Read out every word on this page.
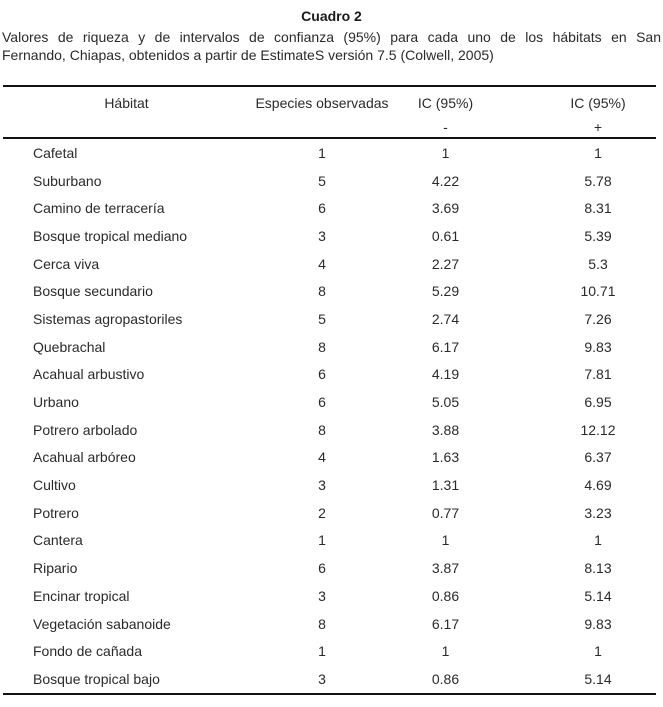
Cuadro 2
Valores de riqueza y de intervalos de confianza (95%) para cada uno de los hábitats en San
Fernando, Chiapas, obtenidos a partir de EstimateS versión 7.5 (Colwell, 2005)
Hábitat	Especies observadas	IC (95%)	IC (95%)
		-	+
Cafetal	1	1	1
Suburbano	5	4.22	5.78
Camino de terracería	6	3.69	8.31
Bosque tropical mediano	3	0.61	5.39
Cerca viva	4	2.27	5.3
Bosque secundario	8	5.29	10.71
Sistemas agropastoriles	5	2.74	7.26
Quebrachal	8	6.17	9.83
Acahual arbustivo	6	4.19	7.81
Urbano	6	5.05	6.95
Potrero arbolado	8	3.88	12.12
Acahual arbóreo	4	1.63	6.37
Cultivo	3	1.31	4.69
Potrero	2	0.77	3.23
Cantera	1	1	1
Ripario	6	3.87	8.13
Encinar tropical	3	0.86	5.14
Vegetación sabanoide	8	6.17	9.83
Fondo de cañada	1	1	1
Bosque tropical bajo	3	0.86	5.14
